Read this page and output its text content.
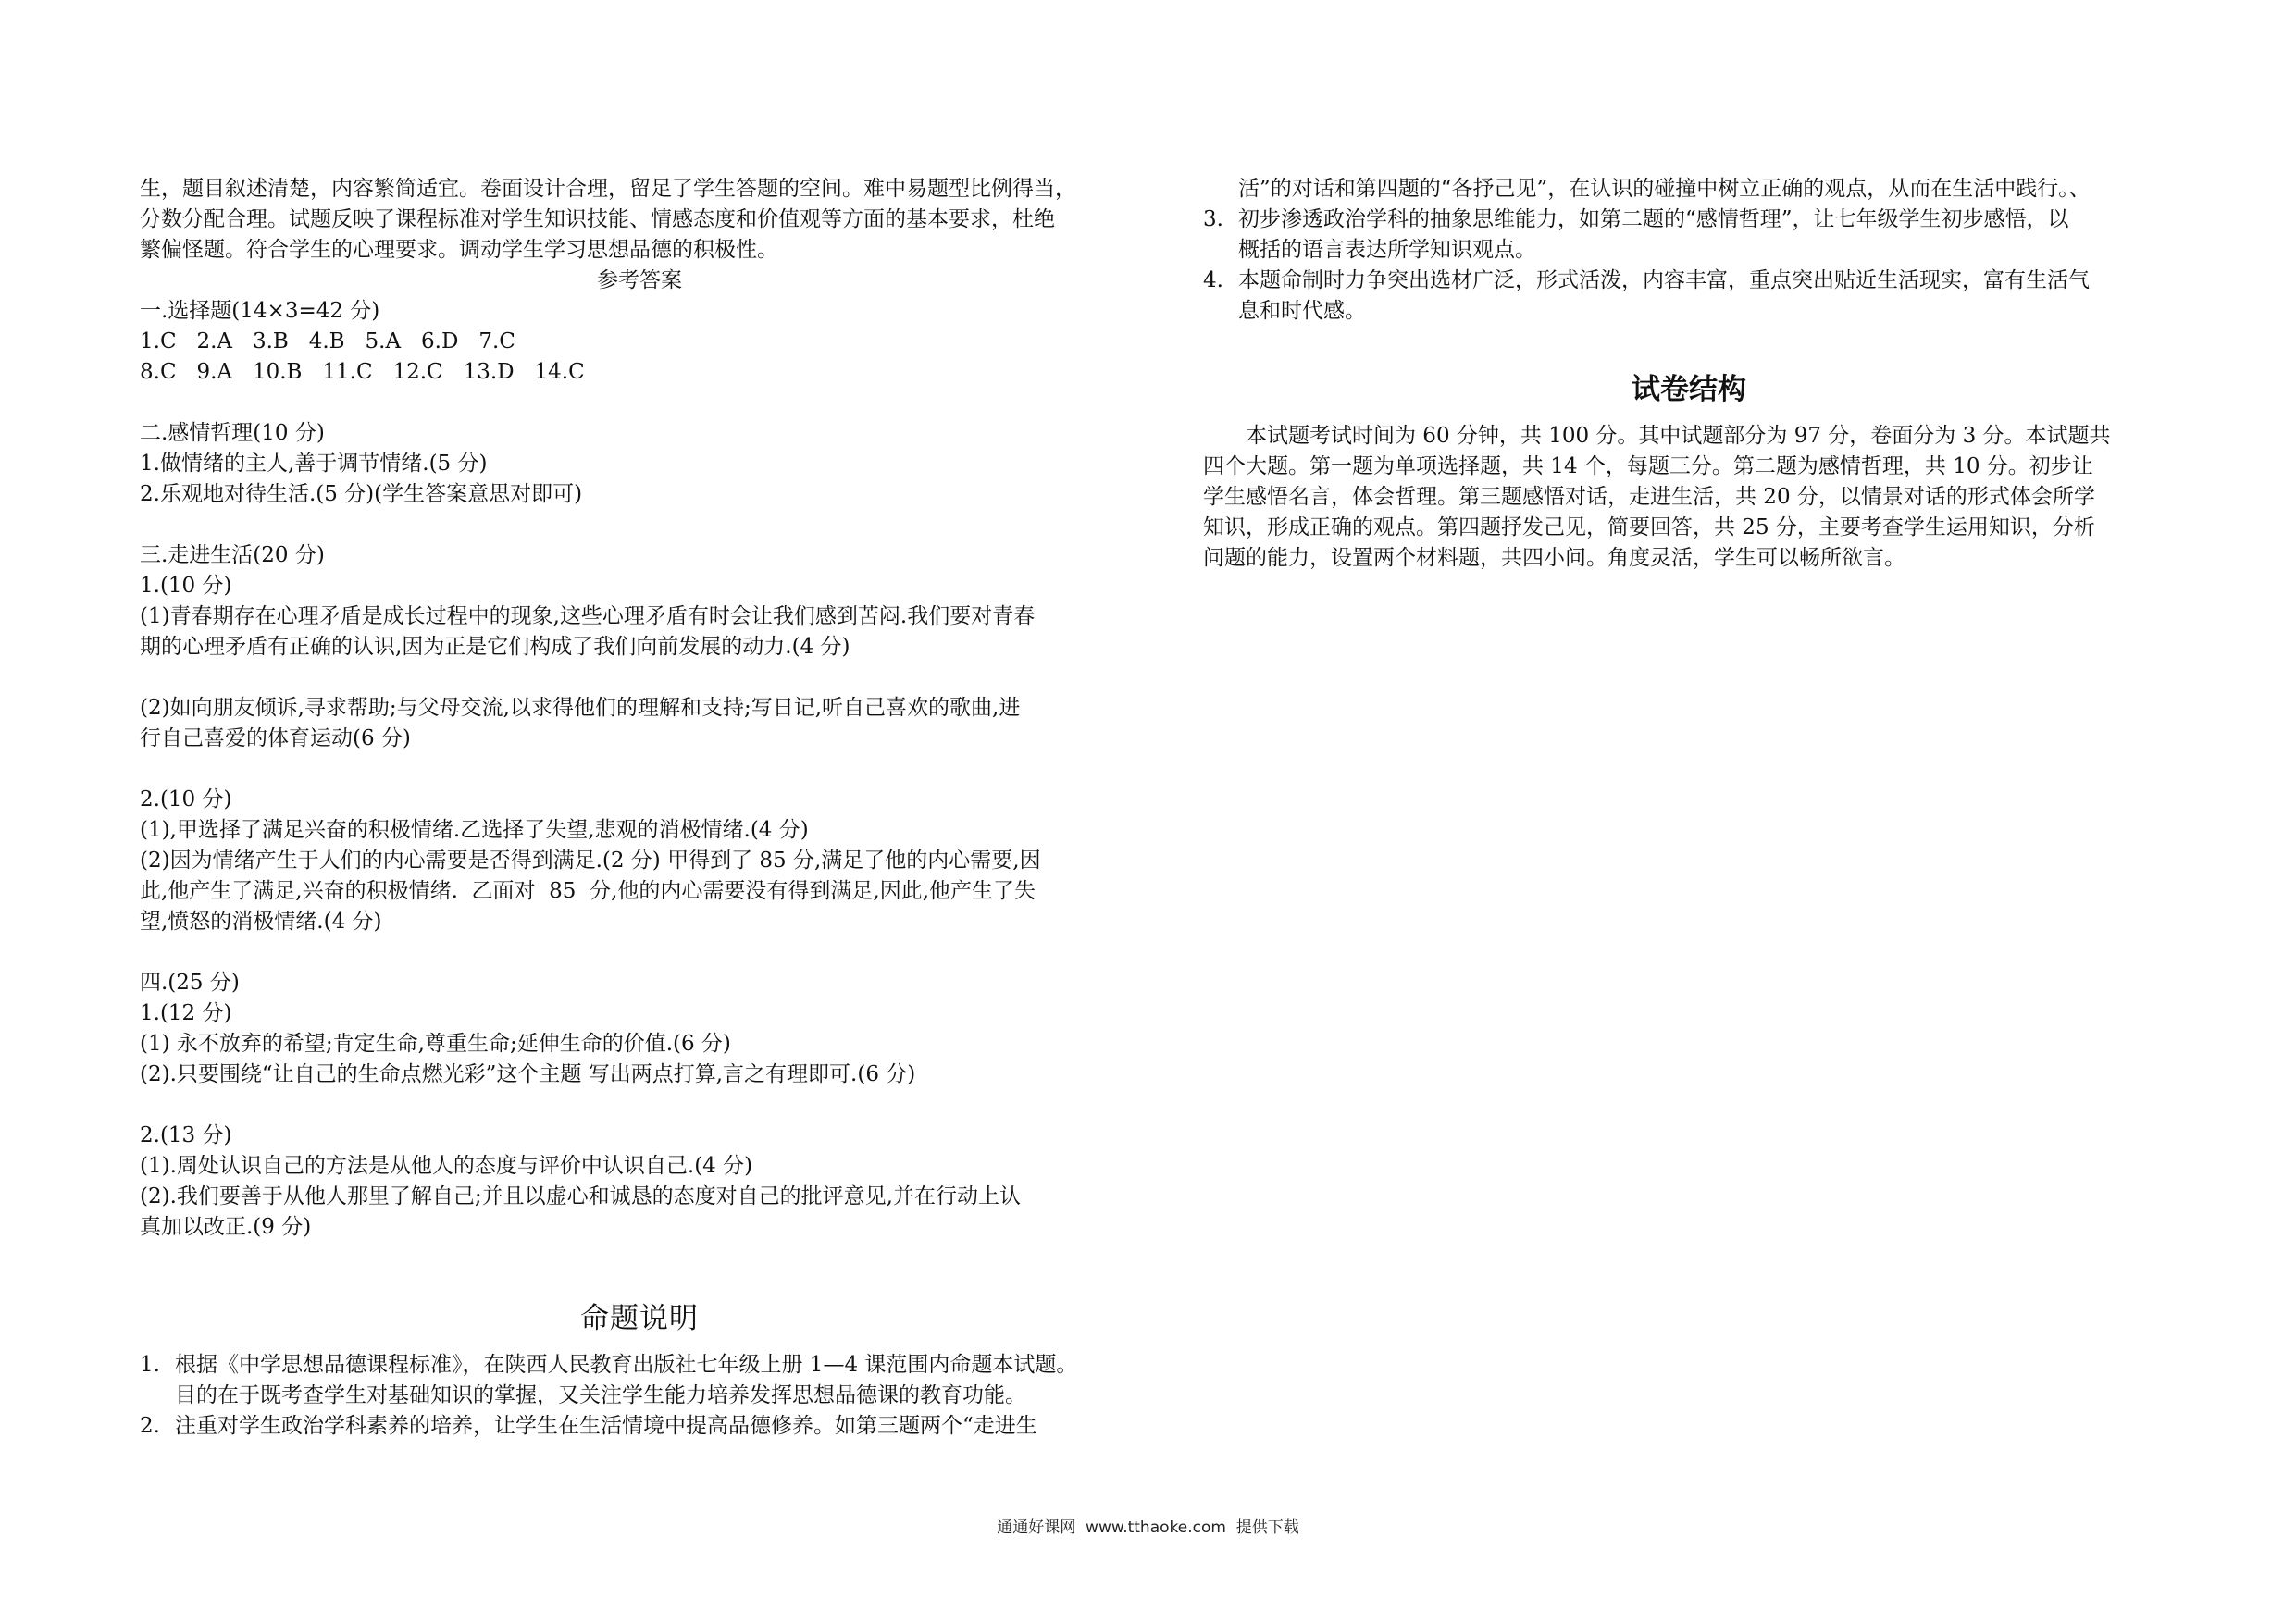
生，题目叙述清楚，内容繁简适宜。卷面设计合理，留足了学生答题的空间。难中易题型比例得当，

分数分配合理。试题反映了课程标准对学生知识技能、情感态度和价值观等方面的基本要求，杜绝

繁偏怪题。符合学生的心理要求。调动学生学习思想品德的积极性。

参考答案

一.选择题(14×3=42 分)

1.C   2.A   3.B   4.B   5.A   6.D   7.C

8.C   9.A   10.B   11.C   12.C   13.D   14.C

二.感情哲理(10 分)

1.做情绪的主人,善于调节情绪.(5 分)

2.乐观地对待生活.(5 分)(学生答案意思对即可)

三.走进生活(20 分)

1.(10 分)

(1)青春期存在心理矛盾是成长过程中的现象,这些心理矛盾有时会让我们感到苦闷.我们要对青春

期的心理矛盾有正确的认识,因为正是它们构成了我们向前发展的动力.(4 分)

(2)如向朋友倾诉,寻求帮助;与父母交流,以求得他们的理解和支持;写日记,听自己喜欢的歌曲,进

行自己喜爱的体育运动(6 分)

2.(10 分)

(1),甲选择了满足兴奋的积极情绪.乙选择了失望,悲观的消极情绪.(4 分)

(2)因为情绪产生于人们的内心需要是否得到满足.(2 分) 甲得到了 85 分,满足了他的内心需要,因

此,他产生了满足,兴奋的积极情绪.  乙面对  85  分,他的内心需要没有得到满足,因此,他产生了失

望,愤怒的消极情绪.(4 分)

四.(25 分)

1.(12 分)

(1) 永不放弃的希望;肯定生命,尊重生命;延伸生命的价值.(6 分)

(2).只要围绕“让自己的生命点燃光彩”这个主题 写出两点打算,言之有理即可.(6 分)

2.(13 分)

(1).周处认识自己的方法是从他人的态度与评价中认识自己.(4 分)

(2).我们要善于从他人那里了解自己;并且以虚心和诚恳的态度对自己的批评意见,并在行动上认

真加以改正.(9 分)

命题说明
1. 根据《中学思想品德课程标准》，在陕西人民教育出版社七年级上册 1—4 课范围内命题本试题。

目的在于既考查学生对基础知识的掌握，又关注学生能力培养发挥思想品德课的教育功能。

2. 注重对学生政治学科素养的培养，让学生在生活情境中提高品德修养。如第三题两个“走进生

活”的对话和第四题的“各抒己见”，在认识的碰撞中树立正确的观点，从而在生活中践行。、

3. 初步渗透政治学科的抽象思维能力，如第二题的“感情哲理”，让七年级学生初步感悟，以

概括的语言表达所学知识观点。

4. 本题命制时力争突出选材广泛，形式活泼，内容丰富，重点突出贴近生活现实，富有生活气

息和时代感。

试卷结构

本试题考试时间为 60 分钟，共 100 分。其中试题部分为 97 分，卷面分为 3 分。本试题共

四个大题。第一题为单项选择题，共 14 个，每题三分。第二题为感情哲理，共 10 分。初步让

学生感悟名言，体会哲理。第三题感悟对话，走进生活，共 20 分，以情景对话的形式体会所学

知识，形成正确的观点。第四题抒发己见，简要回答，共 25 分，主要考查学生运用知识，分析

问题的能力，设置两个材料题，共四小问。角度灵活，学生可以畅所欲言。

通通好课网  www.tthaoke.com  提供下载
